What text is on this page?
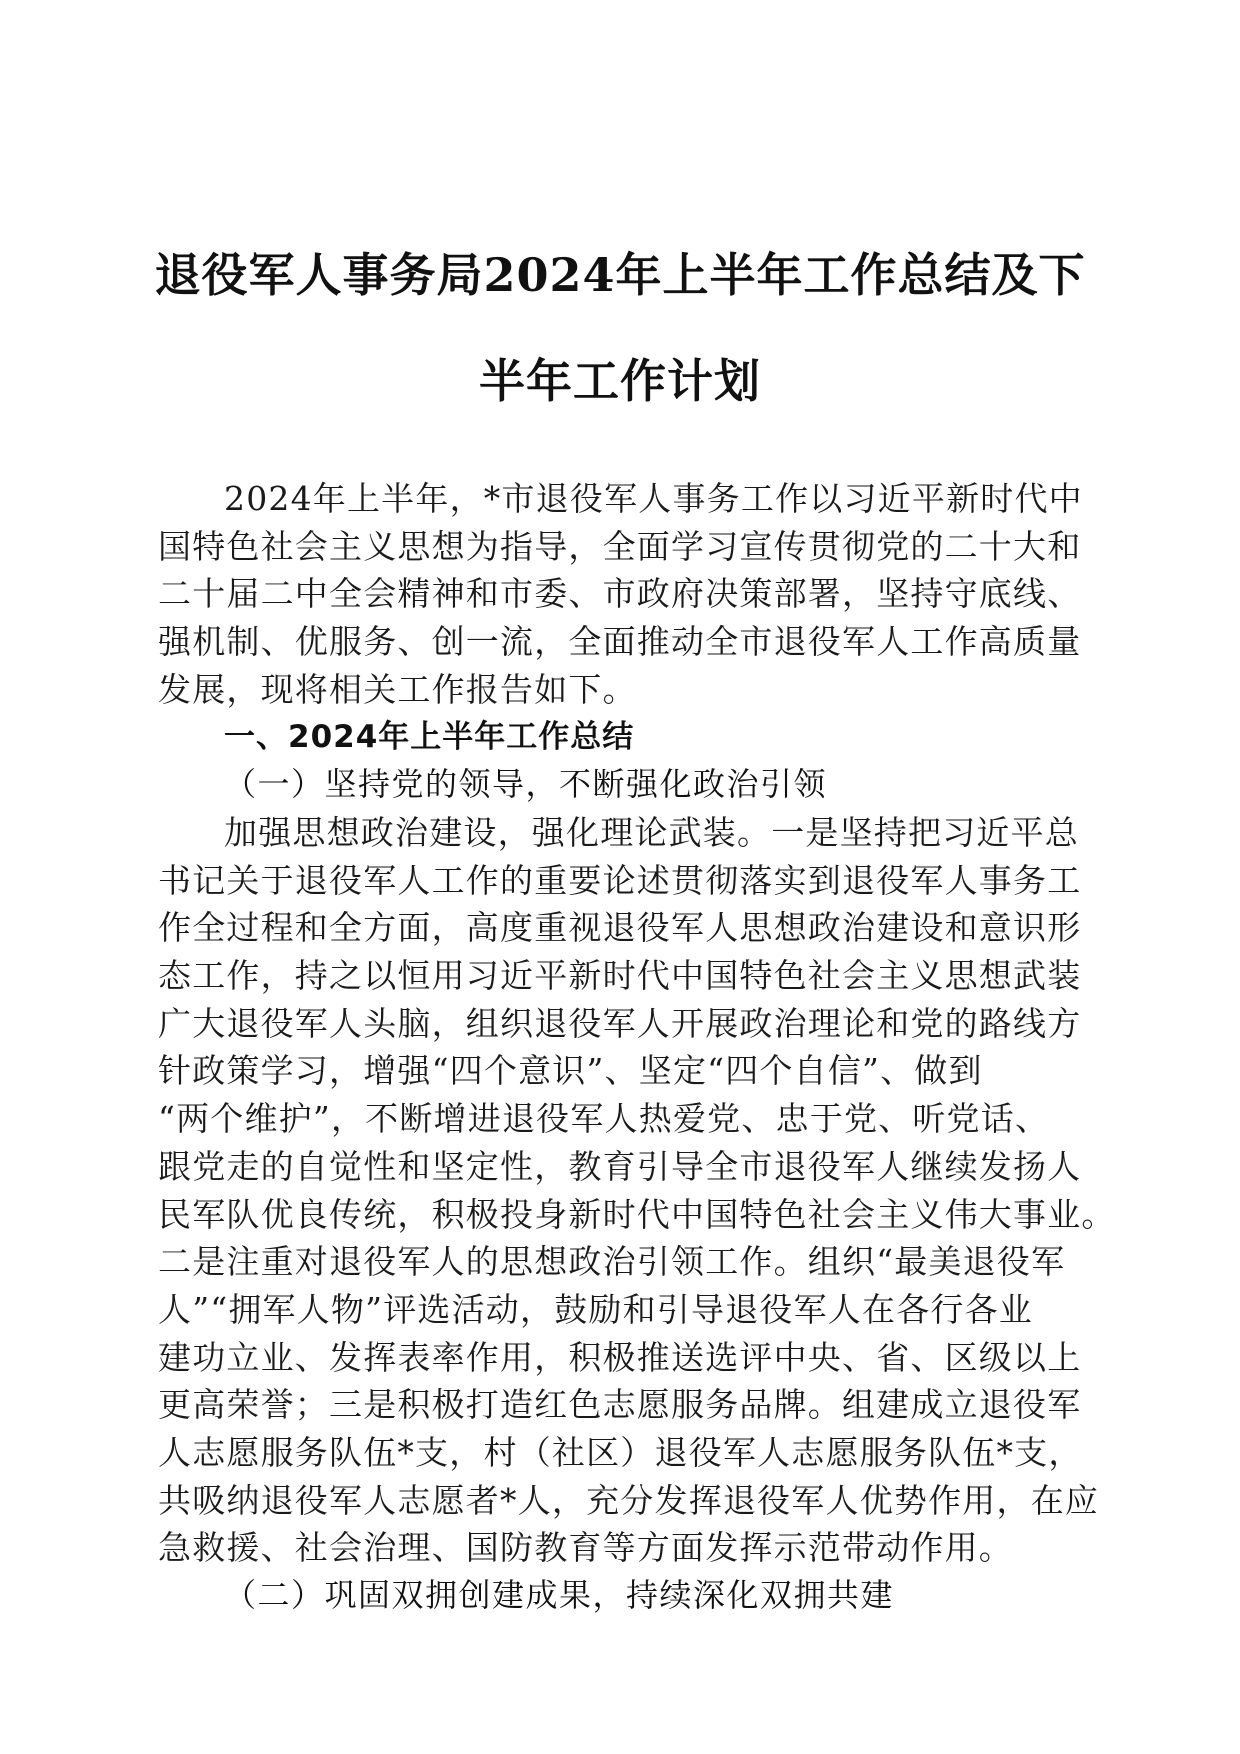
退役军人事务局2024年上半年工作总结及下
半年工作计划
2024年上半年，*市退役军人事务工作以习近平新时代中
国特色社会主义思想为指导，全面学习宣传贯彻党的二十大和
二十届二中全会精神和市委、市政府决策部署，坚持守底线、
强机制、优服务、创一流，全面推动全市退役军人工作高质量
发展，现将相关工作报告如下。
一、2024年上半年工作总结
（一）坚持党的领导，不断强化政治引领
加强思想政治建设，强化理论武装。一是坚持把习近平总
书记关于退役军人工作的重要论述贯彻落实到退役军人事务工
作全过程和全方面，高度重视退役军人思想政治建设和意识形
态工作，持之以恒用习近平新时代中国特色社会主义思想武装
广大退役军人头脑，组织退役军人开展政治理论和党的路线方
针政策学习，增强“四个意识”、坚定“四个自信”、做到
“两个维护”，不断增进退役军人热爱党、忠于党、听党话、
跟党走的自觉性和坚定性，教育引导全市退役军人继续发扬人
民军队优良传统，积极投身新时代中国特色社会主义伟大事业。
二是注重对退役军人的思想政治引领工作。组织“最美退役军
人”“拥军人物”评选活动，鼓励和引导退役军人在各行各业
建功立业、发挥表率作用，积极推送选评中央、省、区级以上
更高荣誉；三是积极打造红色志愿服务品牌。组建成立退役军
人志愿服务队伍*支，村（社区）退役军人志愿服务队伍*支，
共吸纳退役军人志愿者*人，充分发挥退役军人优势作用，在应
急救援、社会治理、国防教育等方面发挥示范带动作用。
（二）巩固双拥创建成果，持续深化双拥共建
